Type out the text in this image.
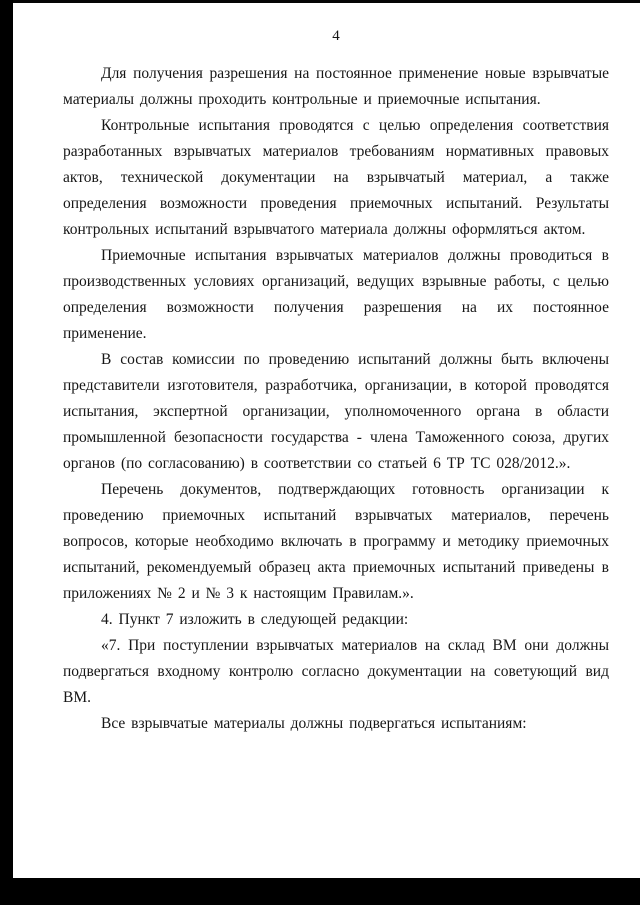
4

Для получения разрешения на постоянное применение новые взрывчатые материалы должны проходить контрольные и приемочные испытания.

Контрольные испытания проводятся с целью определения соответствия разработанных взрывчатых материалов требованиям нормативных правовых актов, технической документации на взрывчатый материал, а также определения возможности проведения приемочных испытаний. Результаты контрольных испытаний взрывчатого материала должны оформляться актом.

Приемочные испытания взрывчатых материалов должны проводиться в производственных условиях организаций, ведущих взрывные работы, с целью определения возможности получения разрешения на их постоянное применение.

В состав комиссии по проведению испытаний должны быть включены представители изготовителя, разработчика, организации, в которой проводятся испытания, экспертной организации, уполномоченного органа в области промышленной безопасности государства - члена Таможенного союза, других органов (по согласованию) в соответствии со статьей 6 ТР ТС 028/2012.».

Перечень документов, подтверждающих готовность организации к проведению приемочных испытаний взрывчатых материалов, перечень вопросов, которые необходимо включать в программу и методику приемочных испытаний, рекомендуемый образец акта приемочных испытаний приведены в приложениях № 2 и № 3 к настоящим Правилам.».

4. Пункт 7 изложить в следующей редакции:

«7. При поступлении взрывчатых материалов на склад ВМ они должны подвергаться входному контролю согласно документации на советующий вид ВМ.

Все взрывчатые материалы должны подвергаться испытаниям:
